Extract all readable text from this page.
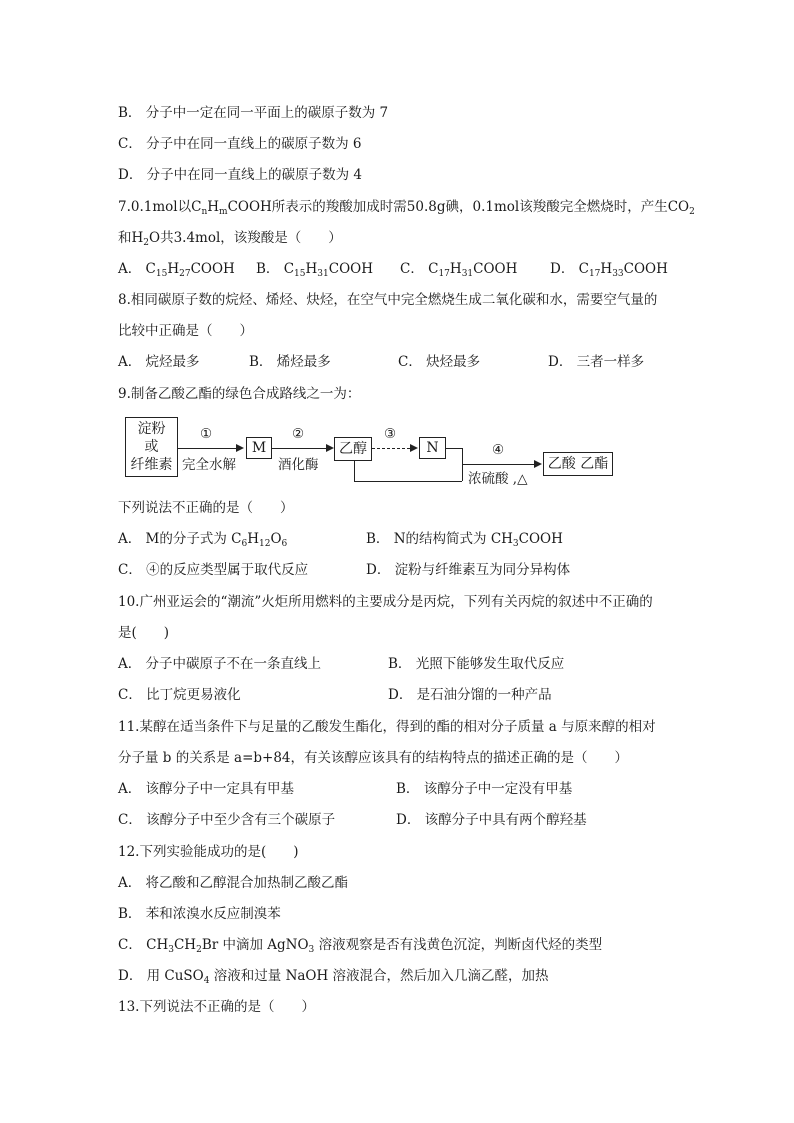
B． 分子中一定在同一平面上的碳原子数为 7
C． 分子中在同一直线上的碳原子数为 6
D． 分子中在同一直线上的碳原子数为 4
7.0.1mol以$C_nH_mCOOH$所表示的羧酸加成时需50.8g碘，0.1mol该羧酸完全燃烧时，产生$CO_2$
和$H_2O$共3.4mol，该羧酸是（　　）
A． $C_{15}H_{27}COOH$ B． $C_{15}H_{31}COOH$ C． $C_{17}H_{31}COOH$ D． $C_{17}H_{33}COOH$
8.相同碳原子数的烷烃、烯烃、炔烃，在空气中完全燃烧生成二氧化碳和水，需要空气量的
比较中正确是（　　）
A． 烷烃最多	B． 烯烃最多	C． 炔烃最多	D． 三者一样多
9.制备乙酸乙酯的绿色合成路线之一为：
淀粉
或
纤维素
①
完全水解
M
②
酒化酶
乙醇
③
N	④
浓硫酸 ,△
乙酸 乙酯
下列说法不正确的是（　　）
A． M的分子式为 $C_6H_{12}O_6$	B． N的结构简式为 $CH_3COOH$
C． ④的反应类型属于取代反应	D． 淀粉与纤维素互为同分异构体
10.广州亚运会的“潮流”火炬所用燃料的主要成分是丙烷，下列有关丙烷的叙述中不正确的
是(　　)
A． 分子中碳原子不在一条直线上	B． 光照下能够发生取代反应
C． 比丁烷更易液化	D． 是石油分馏的一种产品
11.某醇在适当条件下与足量的乙酸发生酯化，得到的酯的相对分子质量 a 与原来醇的相对
分子量 b 的关系是 a=b+84，有关该醇应该具有的结构特点的描述正确的是（　　）
A． 该醇分子中一定具有甲基	B． 该醇分子中一定没有甲基
C． 该醇分子中至少含有三个碳原子	D． 该醇分子中具有两个醇羟基
12.下列实验能成功的是(　　)
A． 将乙酸和乙醇混合加热制乙酸乙酯
B． 苯和浓溴水反应制溴苯
C． $CH_3CH_2Br$ 中滴加 AgNO$_3$ 溶液观察是否有浅黄色沉淀，判断卤代烃的类型
D． 用 CuSO$_4$ 溶液和过量 NaOH 溶液混合，然后加入几滴乙醛，加热
13.下列说法不正确的是（　　）
